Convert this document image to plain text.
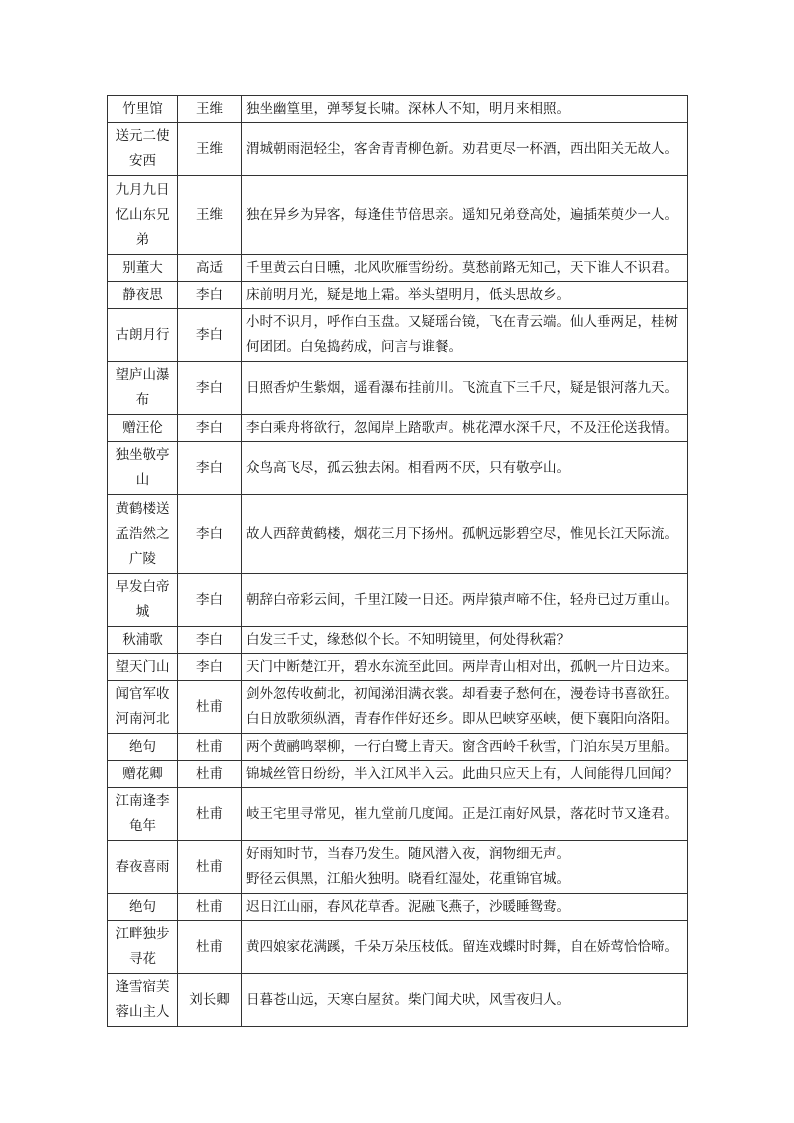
竹里馆	王维	独坐幽篁里，弹琴复长啸。深林人不知，明月来相照。
送元二使安西	王维	渭城朝雨浥轻尘，客舍青青柳色新。劝君更尽一杯酒，西出阳关无故人。
九月九日忆山东兄弟	王维	独在异乡为异客，每逢佳节倍思亲。遥知兄弟登高处，遍插茱萸少一人。
别董大	高适	千里黄云白日曛，北风吹雁雪纷纷。莫愁前路无知己，天下谁人不识君。
静夜思	李白	床前明月光，疑是地上霜。举头望明月，低头思故乡。
古朗月行	李白	小时不识月，呼作白玉盘。又疑瑶台镜，飞在青云端。仙人垂两足，桂树何团团。白兔捣药成，问言与谁餐。
望庐山瀑布	李白	日照香炉生紫烟，遥看瀑布挂前川。飞流直下三千尺，疑是银河落九天。
赠汪伦	李白	李白乘舟将欲行，忽闻岸上踏歌声。桃花潭水深千尺，不及汪伦送我情。
独坐敬亭山	李白	众鸟高飞尽，孤云独去闲。相看两不厌，只有敬亭山。
黄鹤楼送孟浩然之广陵	李白	故人西辞黄鹤楼，烟花三月下扬州。孤帆远影碧空尽，惟见长江天际流。
早发白帝城	李白	朝辞白帝彩云间，千里江陵一日还。两岸猿声啼不住，轻舟已过万重山。
秋浦歌	李白	白发三千丈，缘愁似个长。不知明镜里，何处得秋霜？
望天门山	李白	天门中断楚江开，碧水东流至此回。两岸青山相对出，孤帆一片日边来。
闻官军收河南河北	杜甫	剑外忽传收蓟北，初闻涕泪满衣裳。却看妻子愁何在，漫卷诗书喜欲狂。
白日放歌须纵酒，青春作伴好还乡。即从巴峡穿巫峡，便下襄阳向洛阳。
绝句	杜甫	两个黄鹂鸣翠柳，一行白鹭上青天。窗含西岭千秋雪，门泊东吴万里船。
赠花卿	杜甫	锦城丝管日纷纷，半入江风半入云。此曲只应天上有，人间能得几回闻？
江南逢李龟年	杜甫	岐王宅里寻常见，崔九堂前几度闻。正是江南好风景，落花时节又逢君。
春夜喜雨	杜甫	好雨知时节，当春乃发生。随风潜入夜，润物细无声。
野径云俱黑，江船火独明。晓看红湿处，花重锦官城。
绝句	杜甫	迟日江山丽，春风花草香。泥融飞燕子，沙暖睡鸳鸯。
江畔独步寻花	杜甫	黄四娘家花满蹊，千朵万朵压枝低。留连戏蝶时时舞，自在娇莺恰恰啼。
逢雪宿芙蓉山主人	刘长卿	日暮苍山远，天寒白屋贫。柴门闻犬吠，风雪夜归人。
